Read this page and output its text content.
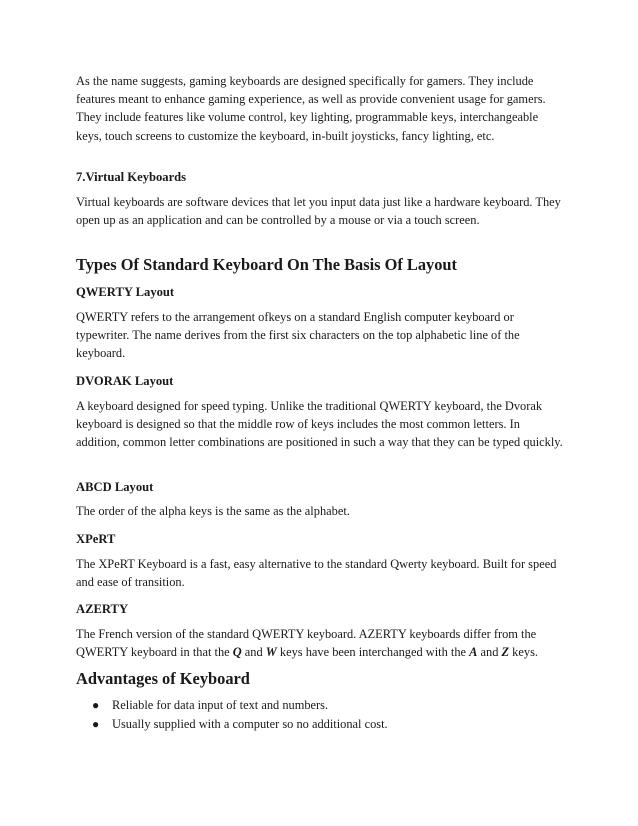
As the name suggests, gaming keyboards are designed specifically for gamers. They include features meant to enhance gaming experience, as well as provide convenient usage for gamers. They include features like volume control, key lighting, programmable keys, interchangeable keys, touch screens to customize the keyboard, in-built joysticks, fancy lighting, etc.

7.Virtual Keyboards

Virtual keyboards are software devices that let you input data just like a hardware keyboard. They open up as an application and can be controlled by a mouse or via a touch screen.

Types Of Standard Keyboard On The Basis Of Layout
QWERTY Layout

QWERTY refers to the arrangement ofkeys on a standard English computer keyboard or typewriter. The name derives from the first six characters on the top alphabetic line of the keyboard.

DVORAK Layout

A keyboard designed for speed typing. Unlike the traditional QWERTY keyboard, the Dvorak keyboard is designed so that the middle row of keys includes the most common letters. In addition, common letter combinations are positioned in such a way that they can be typed quickly.

ABCD Layout

The order of the alpha keys is the same as the alphabet.

XPeRT

The XPeRT Keyboard is a fast, easy alternative to the standard Qwerty keyboard. Built for speed and ease of transition.

AZERTY

The French version of the standard QWERTY keyboard. AZERTY keyboards differ from the QWERTY keyboard in that the Q and W keys have been interchanged with the A and Z keys.

Advantages of Keyboard
● Reliable for data input of text and numbers.
● Usually supplied with a computer so no additional cost.
